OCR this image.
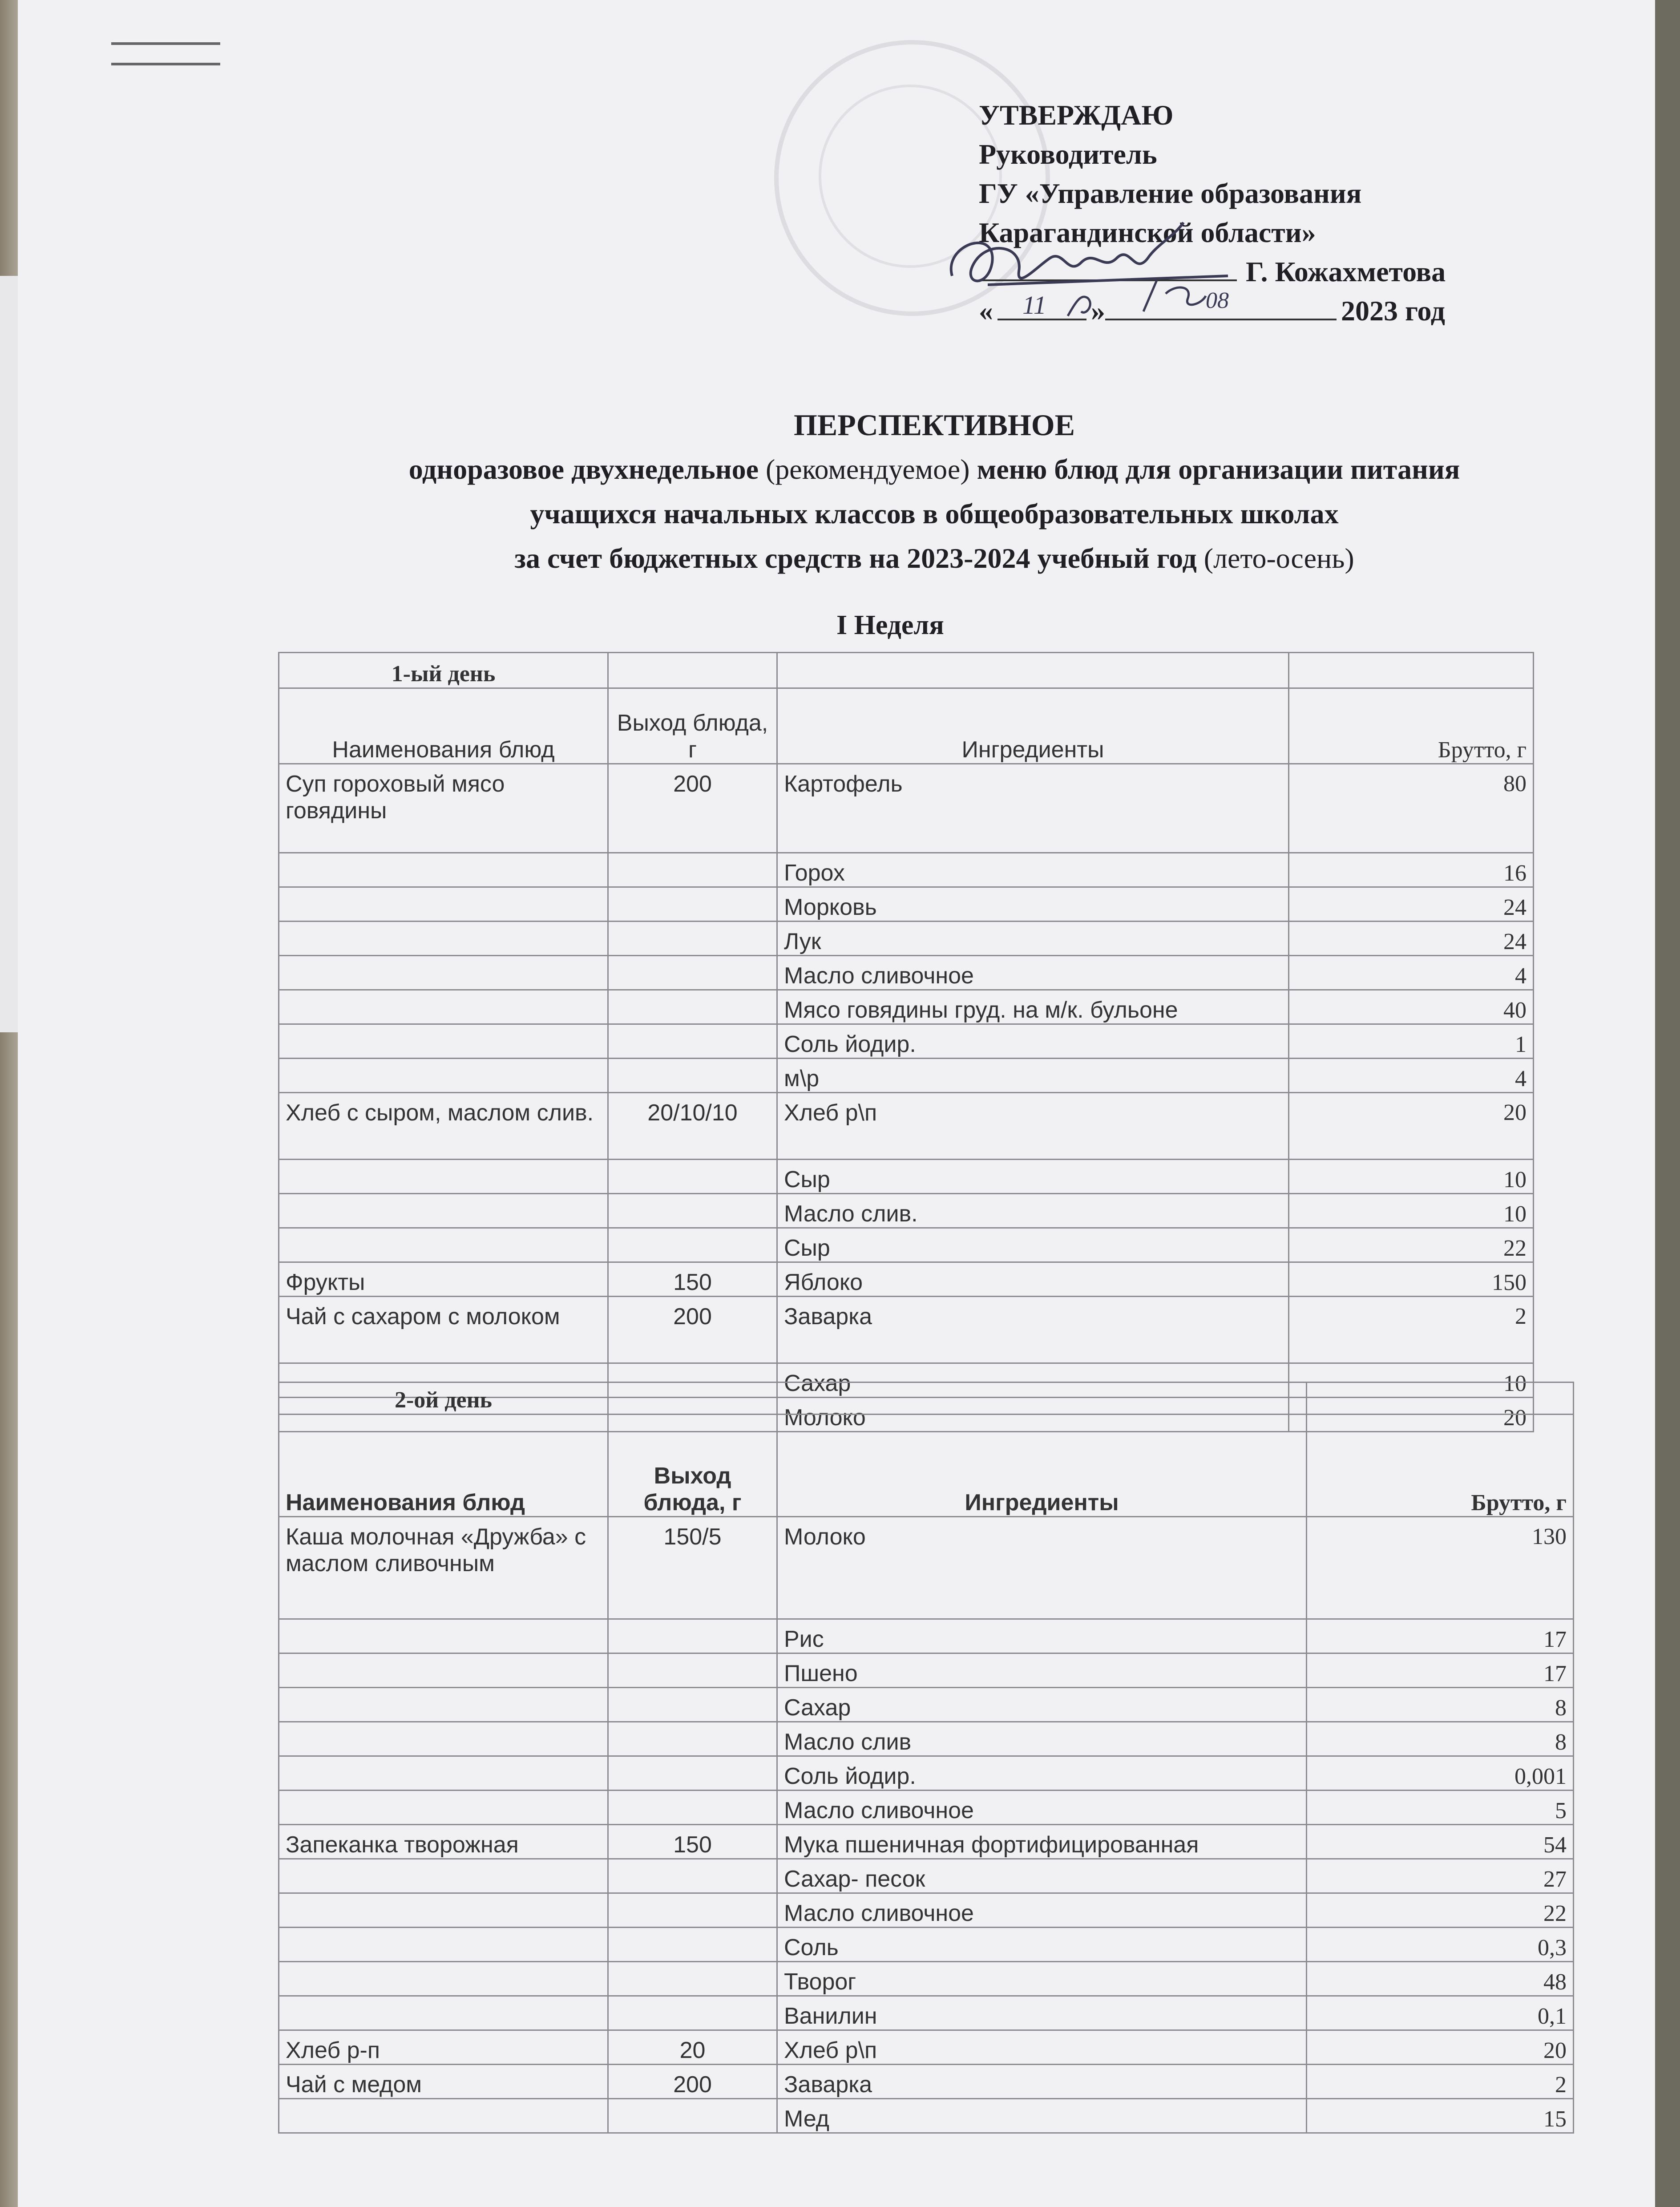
УТВЕРЖДАЮ
Руководитель
ГУ «Управление образования
Карагандинской области»
Г. Кожахметова
«	»	2023 год
11	08
ПЕРСПЕКТИВНОЕ
одноразовое двухнедельное (рекомендуемое) меню блюд для организации питания
учащихся начальных классов в общеобразовательных школах
за счет бюджетных средств на 2023-2024 учебный год (лето-осень)
I Неделя
1-ый день			
Наименования блюд	Выход блюда, г	Ингредиенты	Брутто, г
Суп гороховый мясо говядины	200	Картофель	80
		Горох	16
		Морковь	24
		Лук	24
		Масло сливочное	4
		Мясо говядины груд. на м/к. бульоне	40
		Соль йодир.	1
		м\р	4
Хлеб с сыром, маслом слив.	20/10/10	Хлеб р\п	20
		Сыр	10
		Масло слив.	10
		Сыр	22
Фрукты	150	Яблоко	150
Чай с сахаром с молоком	200	Заварка	2
		Сахар	10
		Молоко	20
2-ой день			
Наименования блюд	Выход блюда, г	Ингредиенты	Брутто, г
Каша молочная «Дружба» с маслом сливочным	150/5	Молоко	130
		Рис	17
		Пшено	17
		Сахар	8
		Масло слив	8
		Соль йодир.	0,001
		Масло сливочное	5
Запеканка творожная	150	Мука пшеничная фортифицированная	54
		Сахар- песок	27
		Масло сливочное	22
		Соль	0,3
		Творог	48
		Ванилин	0,1
Хлеб р-п	20	Хлеб р\п	20
Чай с медом	200	Заварка	2
		Мед	15
